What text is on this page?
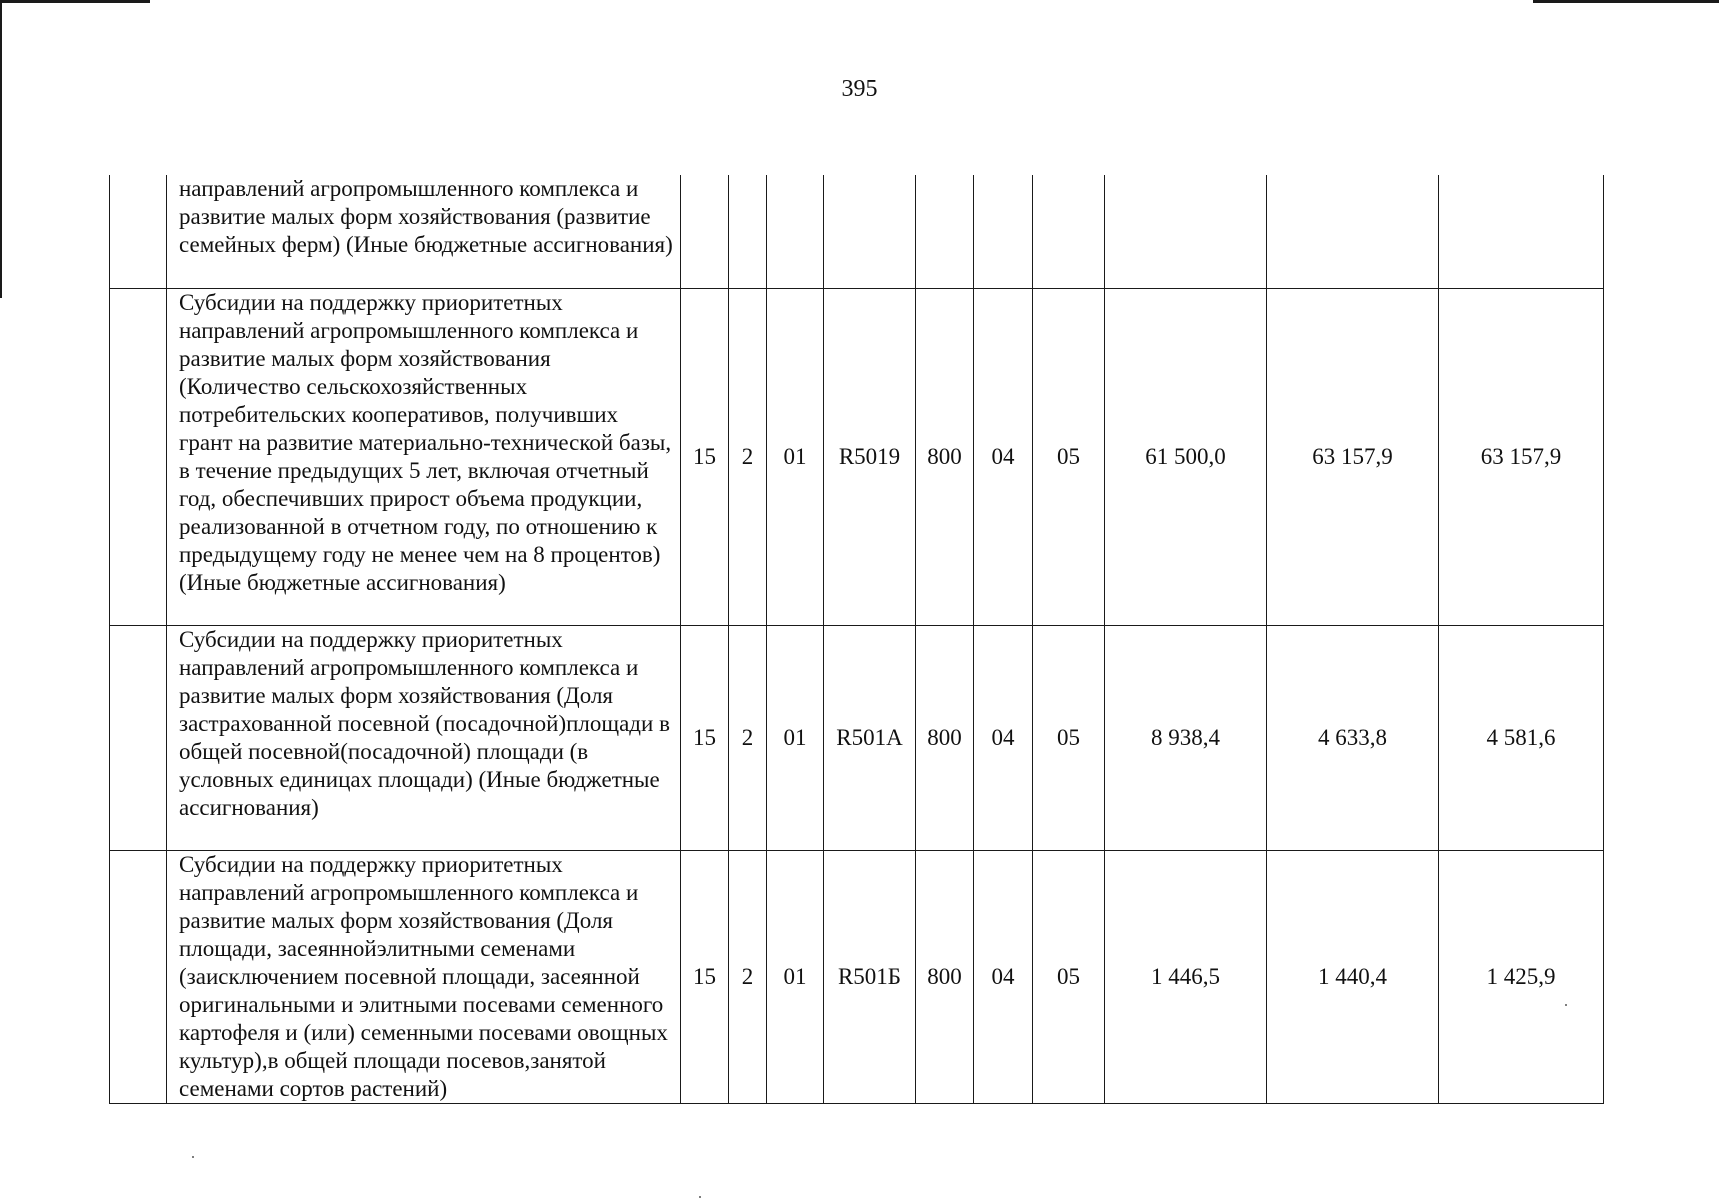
395
	направлений агропромышленного комплекса и развитие малых форм хозяйствования (развитие семейных ферм) (Иные бюджетные ассигнования)										
	Субсидии на поддержку приоритетных направлений агропромышленного комплекса и развитие малых форм хозяйствования (Количество сельскохозяйственных потребительских кооперативов, получивших грант на развитие материально-технической базы, в течение предыдущих 5 лет, включая отчетный год, обеспечивших прирост объема продукции, реализованной в отчетном году, по отношению к предыдущему году не менее чем на 8 процентов) (Иные бюджетные ассигнования)	15	2	01	R5019	800	04	05	61 500,0	63 157,9	63 157,9
	Субсидии на поддержку приоритетных направлений агропромышленного комплекса и развитие малых форм хозяйствования (Доля застрахованной посевной (посадочной)площади в общей посевной(посадочной) площади (в условных единицах площади) (Иные бюджетные ассигнования)	15	2	01	R501А	800	04	05	8 938,4	4 633,8	4 581,6
	Субсидии на поддержку приоритетных направлений агропромышленного комплекса и развитие малых форм хозяйствования (Доля площади, засеяннойэлитными семенами (заисключением посевной площади, засеянной оригинальными и элитными посевами семенного картофеля и (или) семенными посевами овощных культур),в общей площади посевов,занятой семенами сортов растений)	15	2	01	R501Б	800	04	05	1 446,5	1 440,4	1 425,9
